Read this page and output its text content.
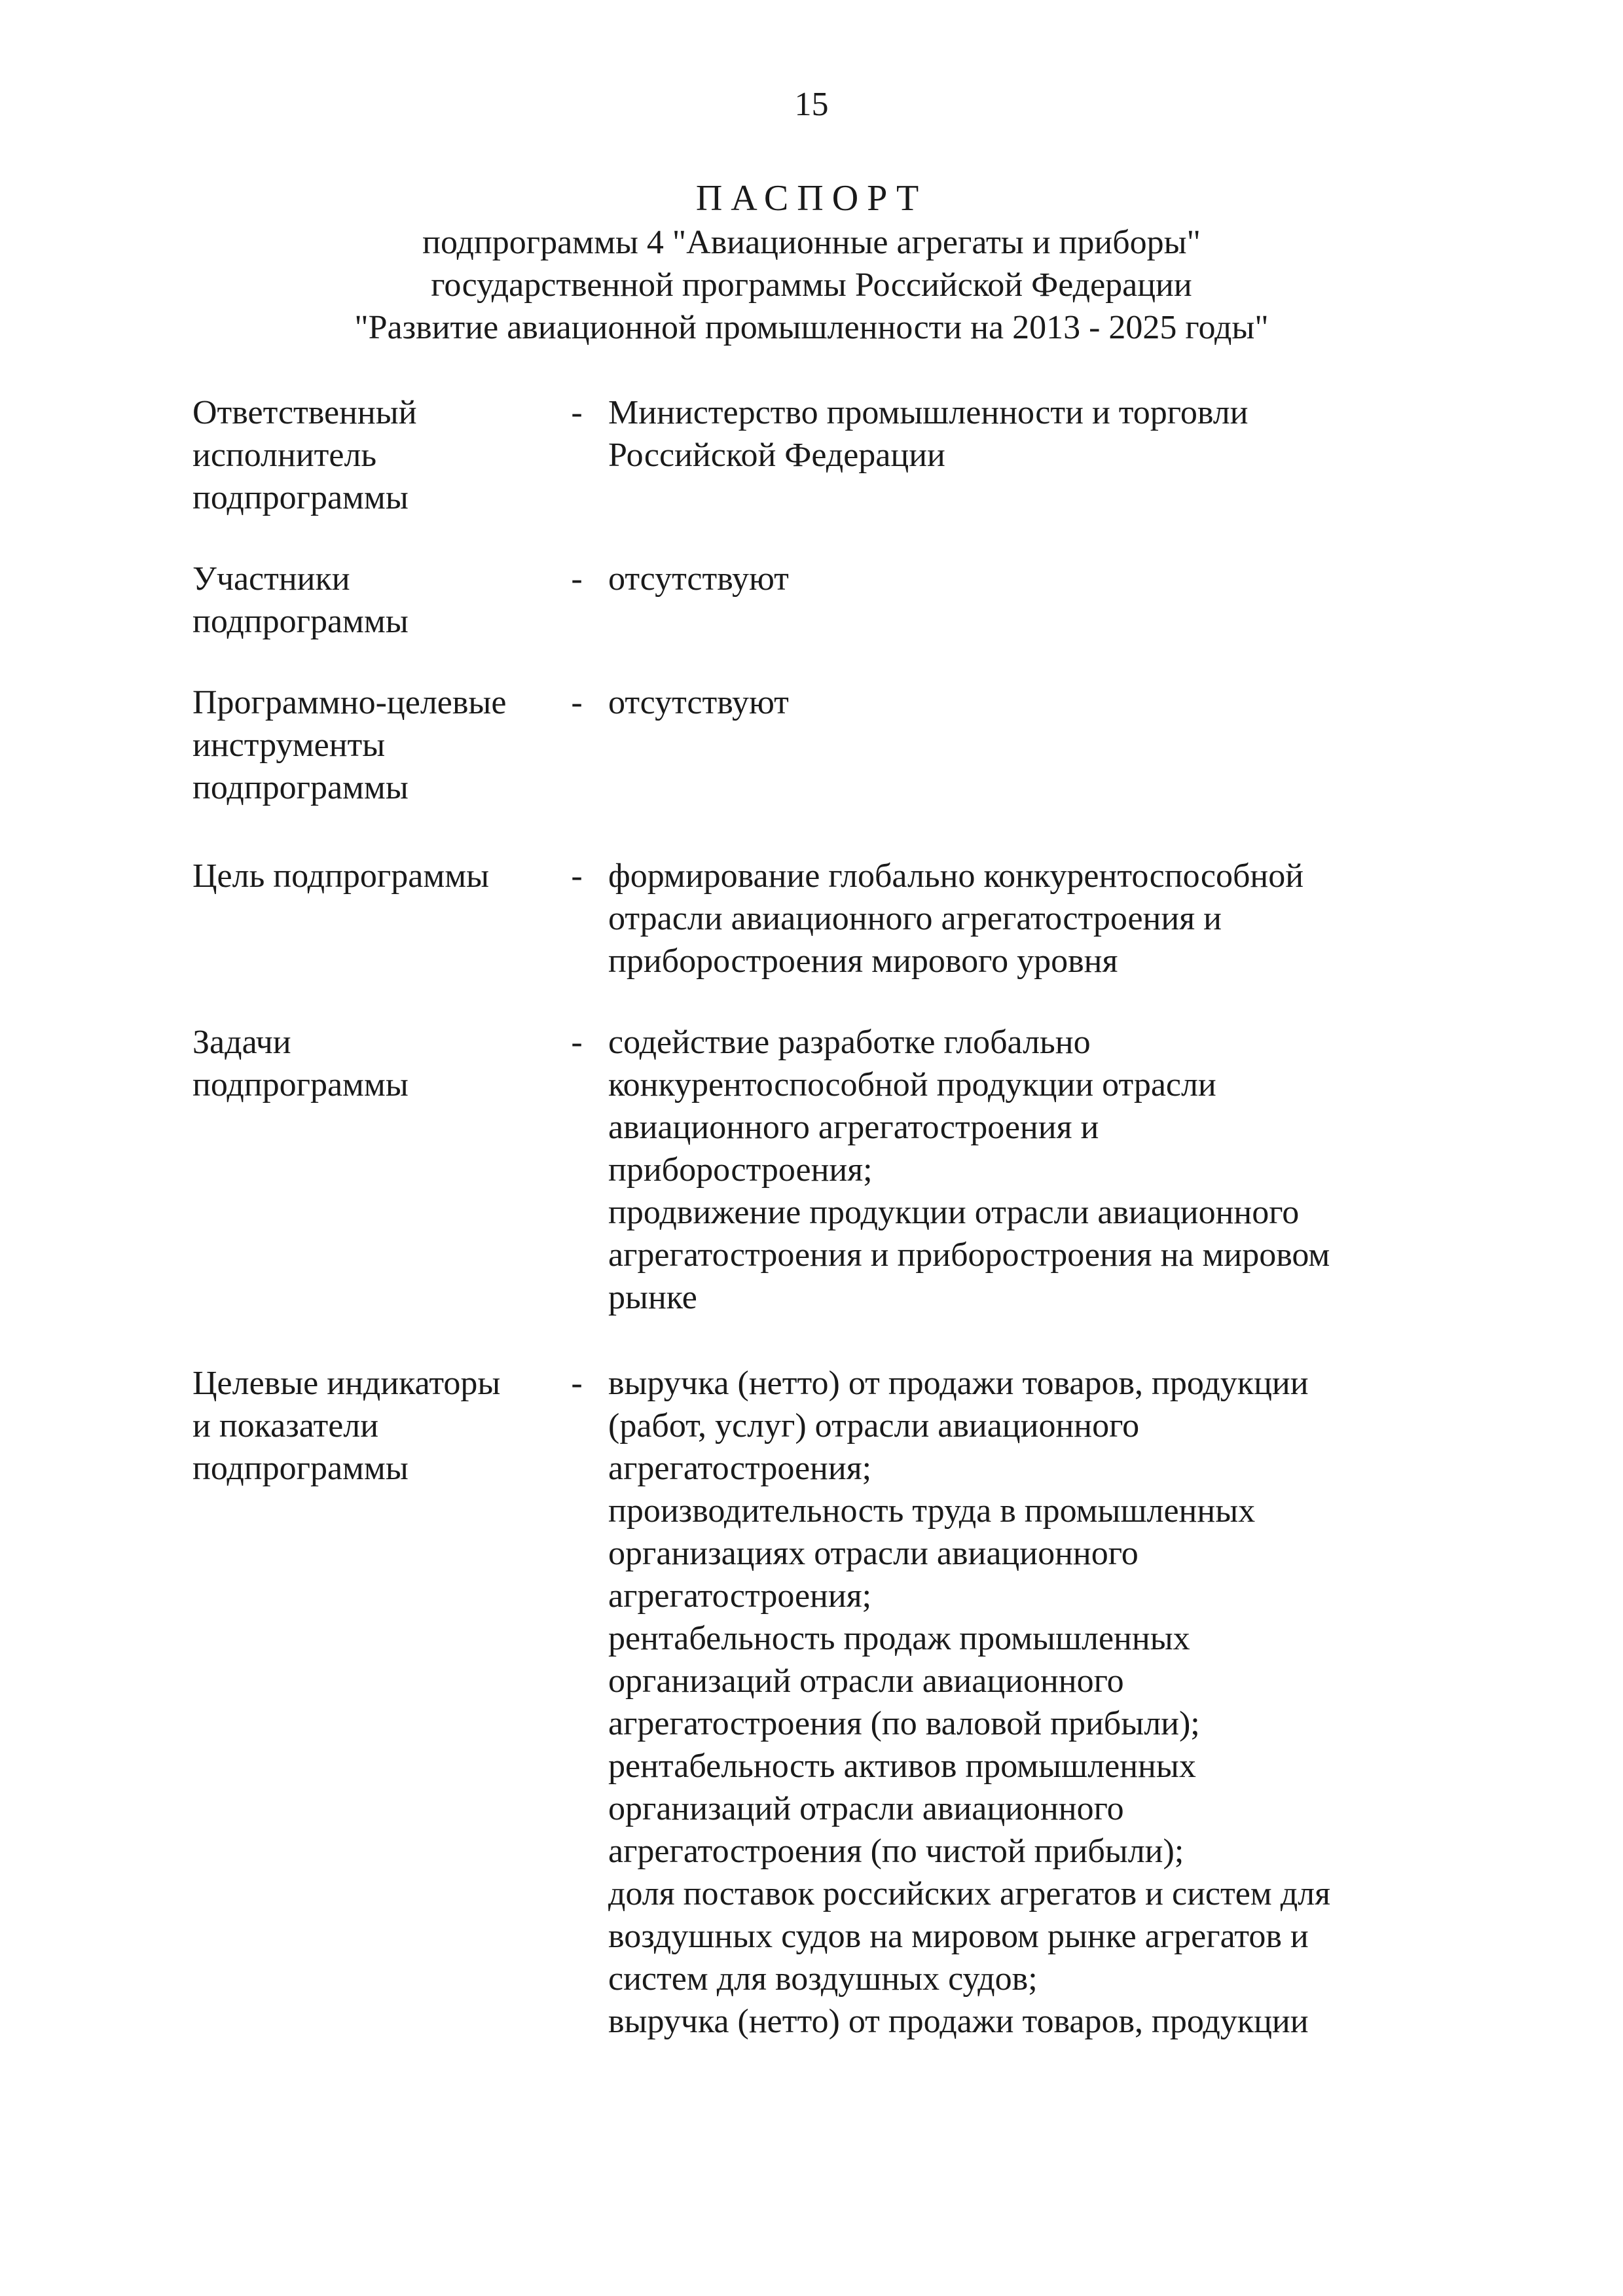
15
ПАСПОРТ
подпрограммы 4 "Авиационные агрегаты и приборы"
государственной программы Российской Федерации
"Развитие авиационной промышленности на 2013 - 2025 годы"
Ответственный
исполнитель
подпрограммы
- Министерство промышленности и торговли
Российской Федерации
Участники
подпрограммы
- отсутствуют
Программно-целевые
инструменты
подпрограммы
- отсутствуют
Цель подпрограммы	- формирование глобально конкурентоспособной
отрасли авиационного агрегатостроения и
приборостроения мирового уровня
Задачи
подпрограммы
- содействие разработке глобально
конкурентоспособной продукции отрасли
авиационного агрегатостроения и
приборостроения;
продвижение продукции отрасли авиационного
агрегатостроения и приборостроения на мировом
рынке
Целевые индикаторы
и показатели
подпрограммы
- выручка (нетто) от продажи товаров, продукции
(работ, услуг) отрасли авиационного
агрегатостроения;
производительность труда в промышленных
организациях отрасли авиационного
агрегатостроения;
рентабельность продаж промышленных
организаций отрасли авиационного
агрегатостроения (по валовой прибыли);
рентабельность активов промышленных
организаций отрасли авиационного
агрегатостроения (по чистой прибыли);
доля поставок российских агрегатов и систем для
воздушных судов на мировом рынке агрегатов и
систем для воздушных судов;
выручка (нетто) от продажи товаров, продукции
